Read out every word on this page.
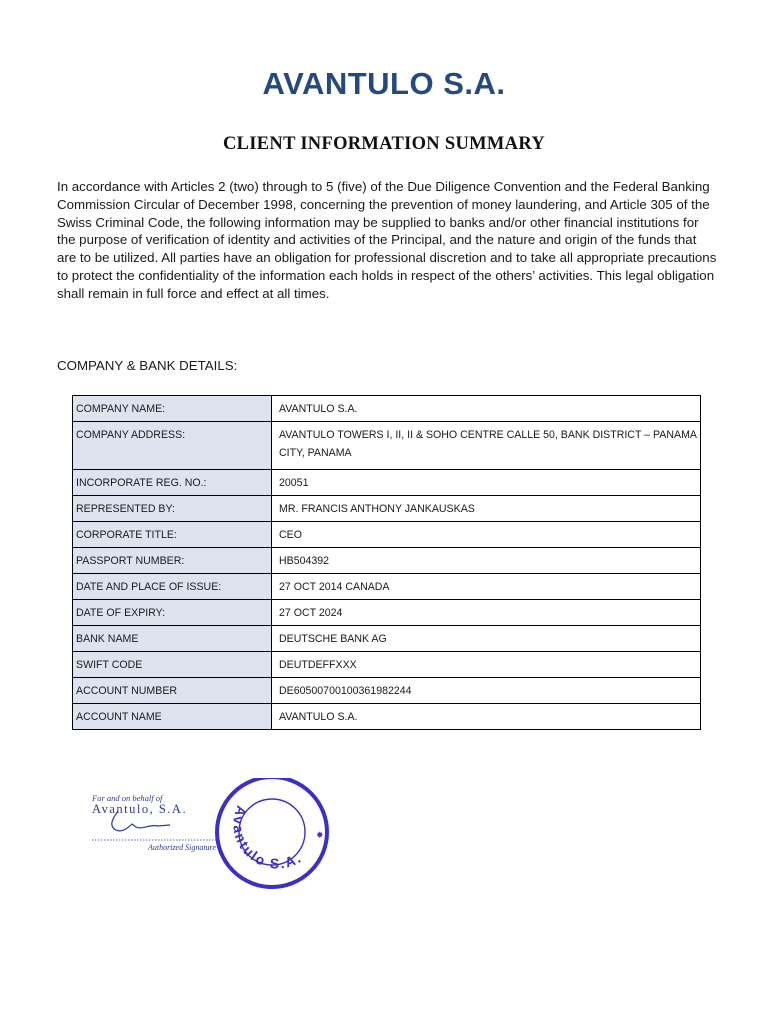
AVANTULO S.A.
CLIENT INFORMATION SUMMARY

In accordance with Articles 2 (two) through to 5 (five) of the Due Diligence Convention and the Federal Banking Commission Circular of December 1998, concerning the prevention of money laundering, and Article 305 of the Swiss Criminal Code, the following information may be supplied to banks and/or other financial institutions for the purpose of verification of identity and activities of the Principal, and the nature and origin of the funds that are to be utilized. All parties have an obligation for professional discretion and to take all appropriate precautions to protect the confidentiality of the information each holds in respect of the others’ activities. This legal obligation shall remain in full force and effect at all times.

COMPANY & BANK DETAILS:
COMPANY NAME:	AVANTULO S.A.
COMPANY ADDRESS:	AVANTULO TOWERS I, II, II & SOHO CENTRE CALLE 50, BANK DISTRICT – PANAMA CITY, PANAMA
INCORPORATE REG. NO.:	20051
REPRESENTED BY:	MR. FRANCIS ANTHONY JANKAUSKAS
CORPORATE TITLE:	CEO
PASSPORT NUMBER:	HB504392
DATE AND PLACE OF ISSUE:	27 OCT 2014 CANADA
DATE OF EXPIRY:	27 OCT 2024
BANK NAME	DEUTSCHE BANK AG
SWIFT CODE	DEUTDEFFXXX
ACCOUNT NUMBER	DE60500700100361982244
ACCOUNT NAME	AVANTULO S.A.
For and on behalf of
Avantulo, S.A.
Authorized Signature
Avantulo S.A.
✸
